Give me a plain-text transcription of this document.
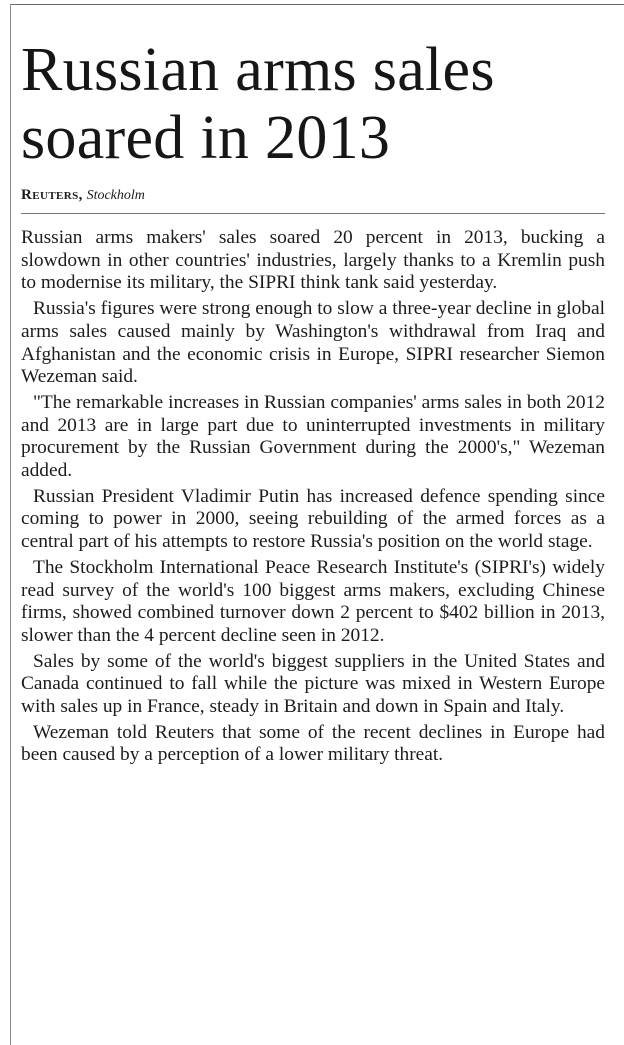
Russian arms sales
soared in 2013
Reuters, Stockholm

Russian arms makers' sales soared 20 percent in 2013, bucking a slowdown in other countries' industries, largely thanks to a Kremlin push to modernise its military, the SIPRI think tank said yesterday.

Russia's figures were strong enough to slow a three-year decline in global arms sales caused mainly by Washington's withdrawal from Iraq and Afghanistan and the economic crisis in Europe, SIPRI researcher Siemon Wezeman said.

"The remarkable increases in Russian companies' arms sales in both 2012 and 2013 are in large part due to uninterrupted investments in military procurement by the Russian Government during the 2000's," Wezeman added.

Russian President Vladimir Putin has increased defence spending since coming to power in 2000, seeing rebuilding of the armed forces as a central part of his attempts to restore Russia's position on the world stage.

The Stockholm International Peace Research Institute's (SIPRI's) widely read survey of the world's 100 biggest arms makers, excluding Chinese firms, showed combined turnover down 2 percent to $402 billion in 2013, slower than the 4 percent decline seen in 2012.

Sales by some of the world's biggest suppliers in the United States and Canada continued to fall while the picture was mixed in Western Europe with sales up in France, steady in Britain and down in Spain and Italy.

Wezeman told Reuters that some of the recent declines in Europe had been caused by a perception of a lower military threat.
